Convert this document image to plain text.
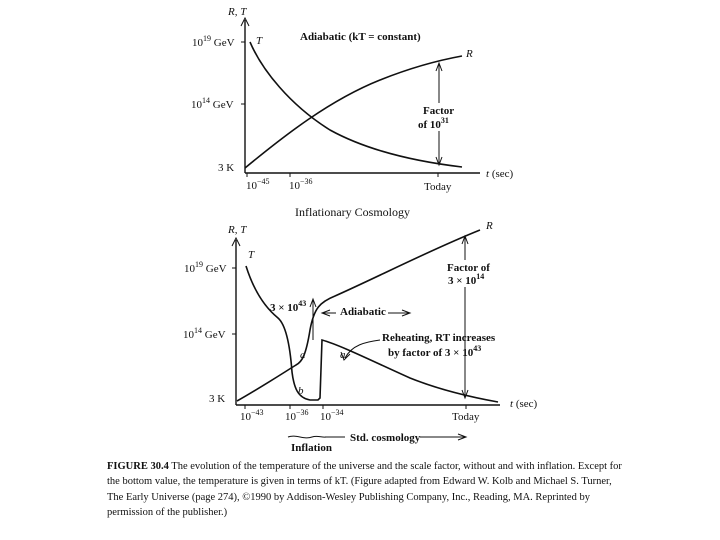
R, T
$10^{19}$ GeV
$10^{14}$ GeV
3 K
$10^{-45}$ $10^{-36}$	Today
t (sec)
T
R
Adiabatic (kT = constant)
Factor
of $10^{31}$
Inflationary Cosmology
R, T
$10^{19}$ GeV
$10^{14}$ GeV
3 K
$10^{-43}$ $10^{-36}$ $10^{-34}$	Today
t (sec)
T
R
$3 \times 10^{43}$
Adiabatic
Reheating, RT increases
by factor of $3 \times 10^{43}$
a	a
b
Factor of
$3 \times 10^{14}$
Inflation
Std. cosmology
FIGURE 30.4 The evolution of the temperature of the universe and the scale factor, without and with inflation. Except for the bottom value, the temperature is given in terms of kT. (Figure adapted from Edward W. Kolb and Michael S. Turner, The Early Universe (page 274), ©1990 by Addison-Wesley Publishing Company, Inc., Reading, MA. Reprinted by permission of the publisher.)
